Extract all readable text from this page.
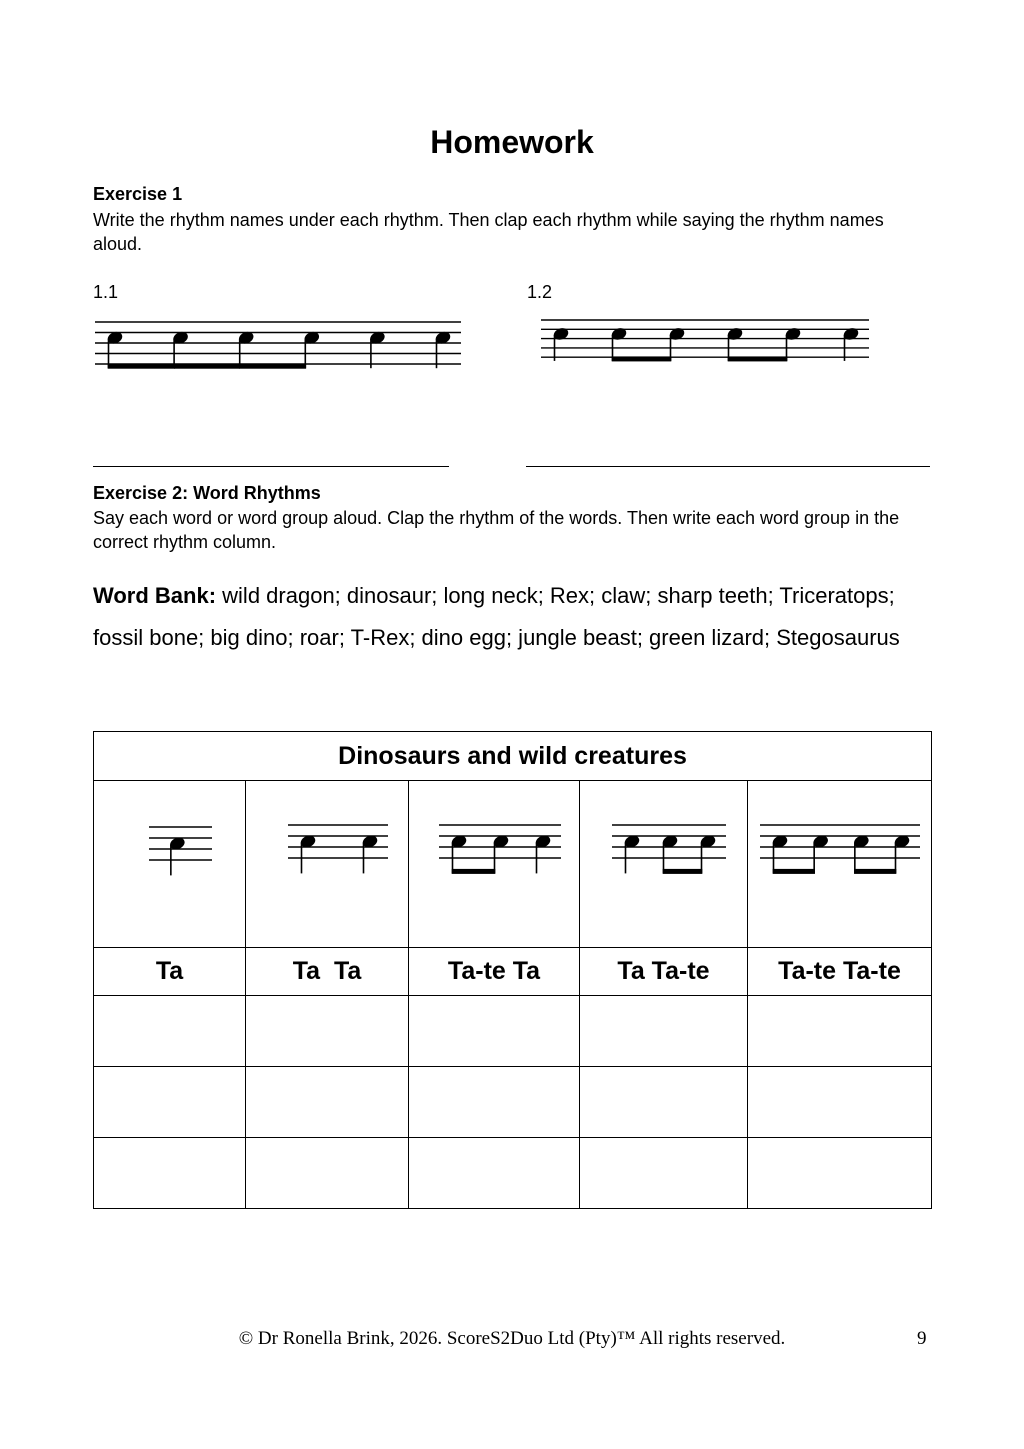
Homework
Exercise 1
Write the rhythm names under each rhythm. Then clap each rhythm while saying the rhythm names aloud.
1.1	1.2
Exercise 2: Word Rhythms
Say each word or word group aloud. Clap the rhythm of the words. Then write each word group in the correct rhythm column.
Word Bank: wild dragon; dinosaur; long neck; Rex; claw; sharp teeth; Triceratops; fossil bone; big dino; roar; T-Rex; dino egg; jungle beast; green lizard; Stegosaurus
Dinosaurs and wild creatures				

Ta	Ta  Ta	Ta-te Ta	Ta Ta-te	Ta-te Ta-te

© Dr Ronella Brink, 2026. ScoreS2Duo Ltd (Pty)™ All rights reserved.	9
